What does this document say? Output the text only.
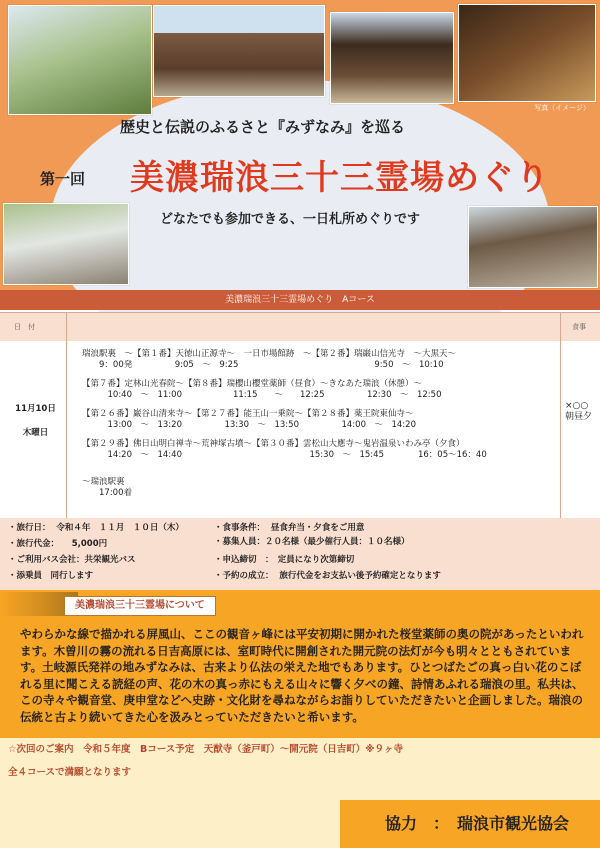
写真（イメージ）
歴史と伝説のふるさと『みずなみ』を巡る
第一回 美濃瑞浪三十三霊場めぐり
どなたでも参加できる、一日札所めぐりです
美濃瑞浪三十三霊場めぐり　Aコース
日　付	食事
11月10日
木曜日
瑞浪駅裏　～【第１番】天徳山正源寺～　一日市場館跡　～【第２番】瑞巌山信光寺　～大黒天～
　　9：00発　　　　　9:05　～　9:25　　　　　　　　　　　　　　　　9:50　～　10:10
【第７番】定林山光春院～【第８番】瑞櫻山櫻堂薬師（昼食）～きなあた瑞浪（休憩）～
　　　10:40　～　11:00　　　　　　11:15　　～　　12:25　　　　　12:30　～　12:50
【第２６番】巌谷山清来寺～【第２７番】能王山一乗院～【第２８番】薬王院東仙寺～
　　　13:00　～　13:20　　　　　13:30　～　13:50　　　　　14:00　～　14:20
【第２９番】佛日山明白禅寺～荒神塚古墳～【第３０番】雲松山大應寺～鬼岩温泉いわみ亭（夕食）
　　　14:20　～　14:40　　　　　　　　　　　　　　　15:30　～　15:45　　　　16：05～16：40
～瑞浪駅裏
　　17:00着
×○○
朝昼夕
・旅行日：  令和４年　１１月　１０日（木）
・旅行代金：　　5,000円
・ご利用バス会社：共栄観光バス
・添乗員　同行します
・食事条件：  昼食弁当・夕食をご用意
・募集人員：２０名様（最少催行人員：１０名様）
・申込締切　：　定員になり次第締切
・予約の成立：  旅行代金をお支払い後予約確定となります
美濃瑞浪三十三霊場について
やわらかな線で描かれる屏風山、ここの観音ヶ峰には平安初期に開かれた桜堂薬師の奥の院があったといわれます。木曽川の霧の流れる日吉高原には、室町時代に開創された開元院の法灯が今も明々とともされています。土岐源氏発祥の地みずなみは、古来より仏法の栄えた地でもあります。ひとつばたごの真っ白い花のこぼれる里に聞こえる読経の声、花の木の真っ赤にもえる山々に響く夕べの鐘、詩情あふれる瑞浪の里。私共は、この寺々や観音堂、庚申堂などへ史跡・文化財を尋ねながらお詣りしていただきたいと企画しました。瑞浪の伝統と古より続いてきた心を汲みとっていただきたいと希います。
☆次回のご案内　令和５年度　Bコース予定　天猷寺（釜戸町）～開元院（日吉町）※９ヶ寺
全４コースで満願となります
協力　：　瑞浪市観光協会
